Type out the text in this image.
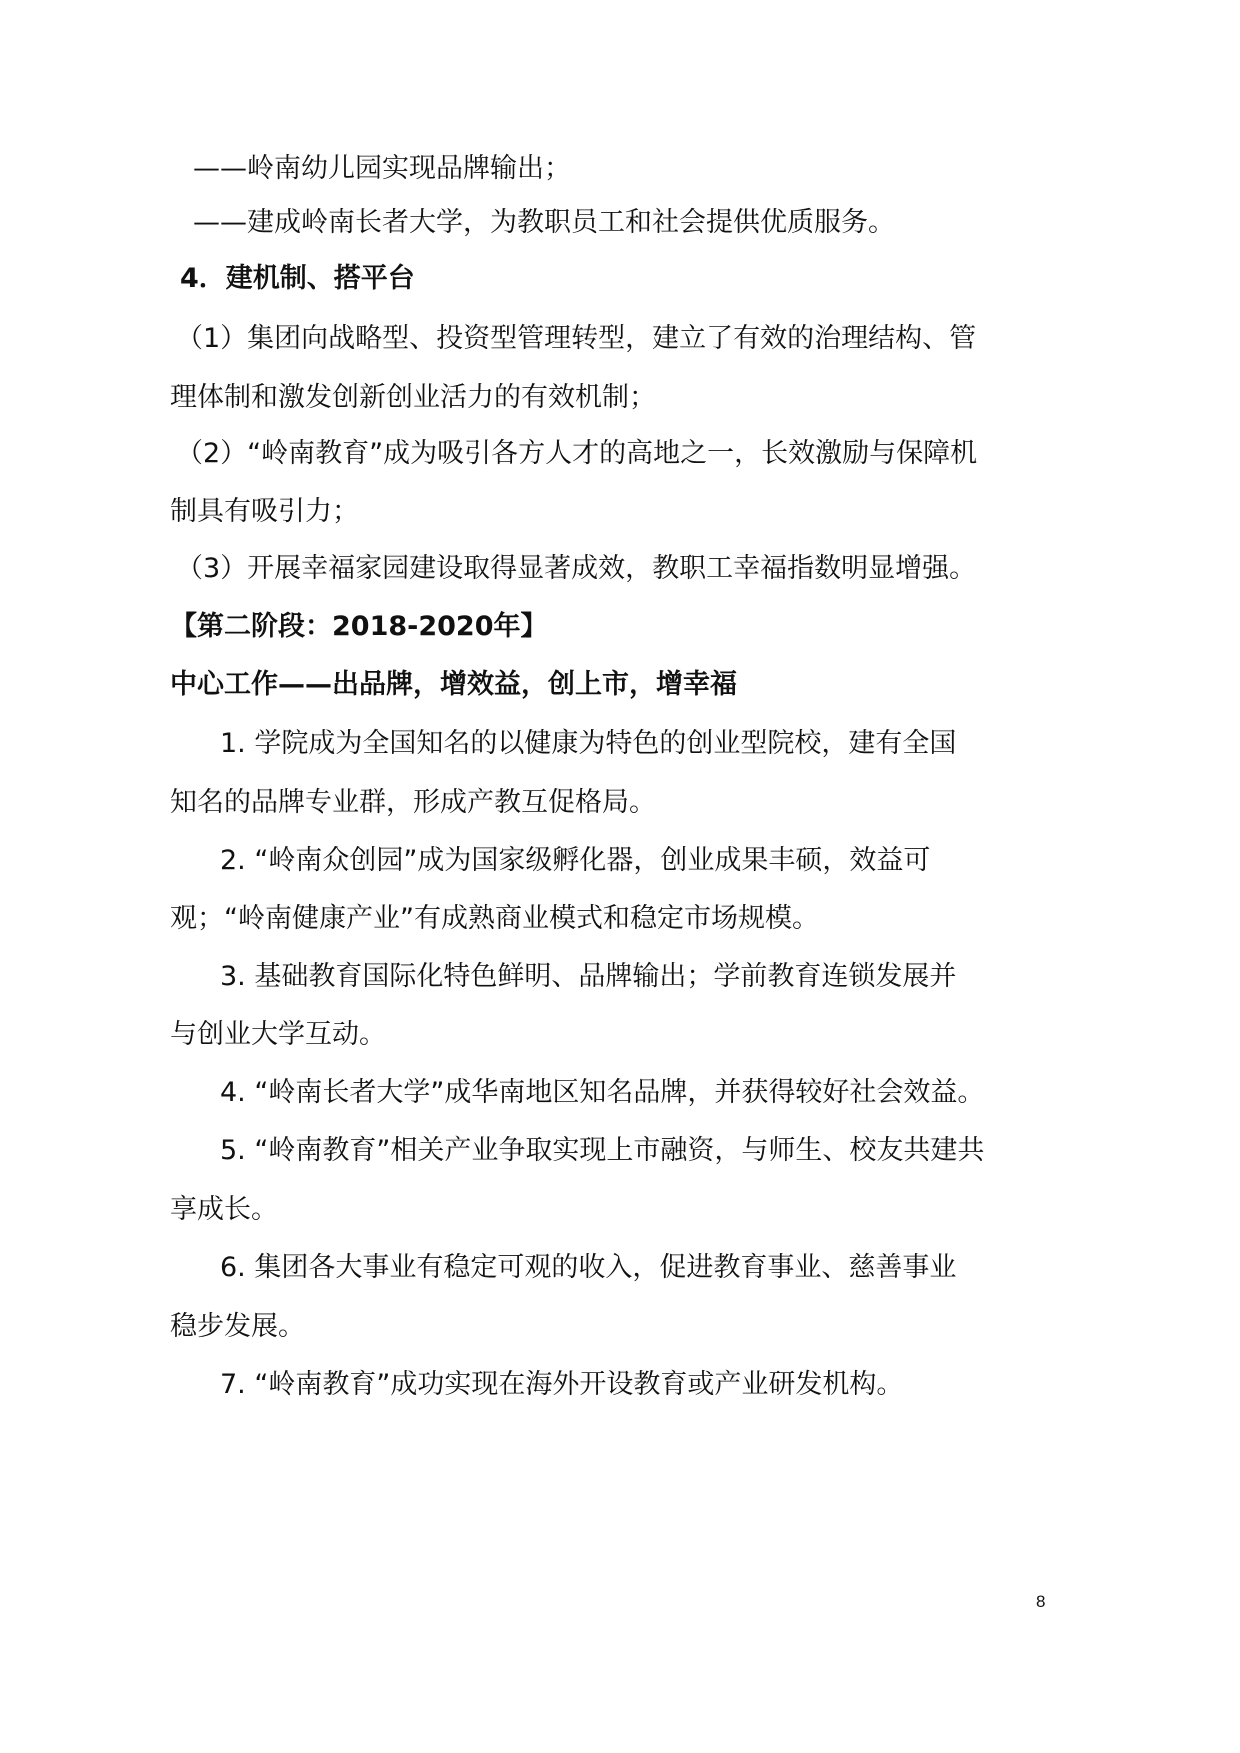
——岭南幼儿园实现品牌输出；
——建成岭南长者大学，为教职员工和社会提供优质服务。
4．建机制、搭平台
（1）集团向战略型、投资型管理转型，建立了有效的治理结构、管
理体制和激发创新创业活力的有效机制；
（2）“岭南教育”成为吸引各方人才的高地之一，长效激励与保障机
制具有吸引力；
（3）开展幸福家园建设取得显著成效，教职工幸福指数明显增强。
【第二阶段：2018-2020年】
中心工作——出品牌，增效益，创上市，增幸福
1. 学院成为全国知名的以健康为特色的创业型院校，建有全国
知名的品牌专业群，形成产教互促格局。
2. “岭南众创园”成为国家级孵化器，创业成果丰硕，效益可
观；“岭南健康产业”有成熟商业模式和稳定市场规模。
3. 基础教育国际化特色鲜明、品牌输出；学前教育连锁发展并
与创业大学互动。
4. “岭南长者大学”成华南地区知名品牌，并获得较好社会效益。
5. “岭南教育”相关产业争取实现上市融资，与师生、校友共建共
享成长。
6. 集团各大事业有稳定可观的收入，促进教育事业、慈善事业
稳步发展。
7. “岭南教育”成功实现在海外开设教育或产业研发机构。
8
